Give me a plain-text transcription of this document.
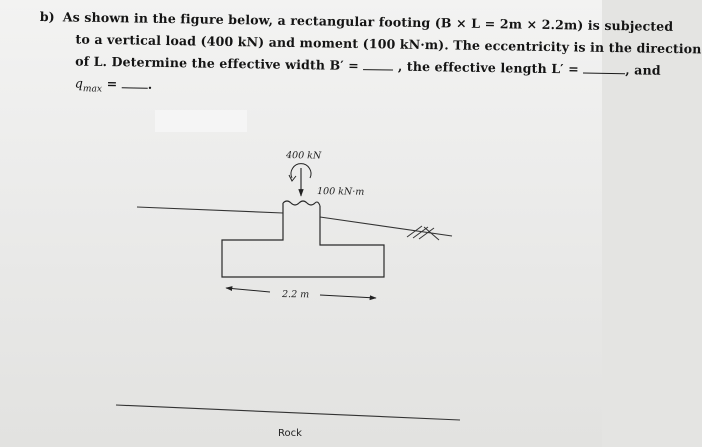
b) As shown in the figure below, a rectangular footing (B × L = 2m × 2.2m) is subjected
to a vertical load (400 kN) and moment (100 kN·m). The eccentricity is in the direction
of L. Determine the effective width B′ =	, the effective length L′ =	, and
$q_{max}$ = .
400 kN
100 kN·m
2.2 m
Rock
